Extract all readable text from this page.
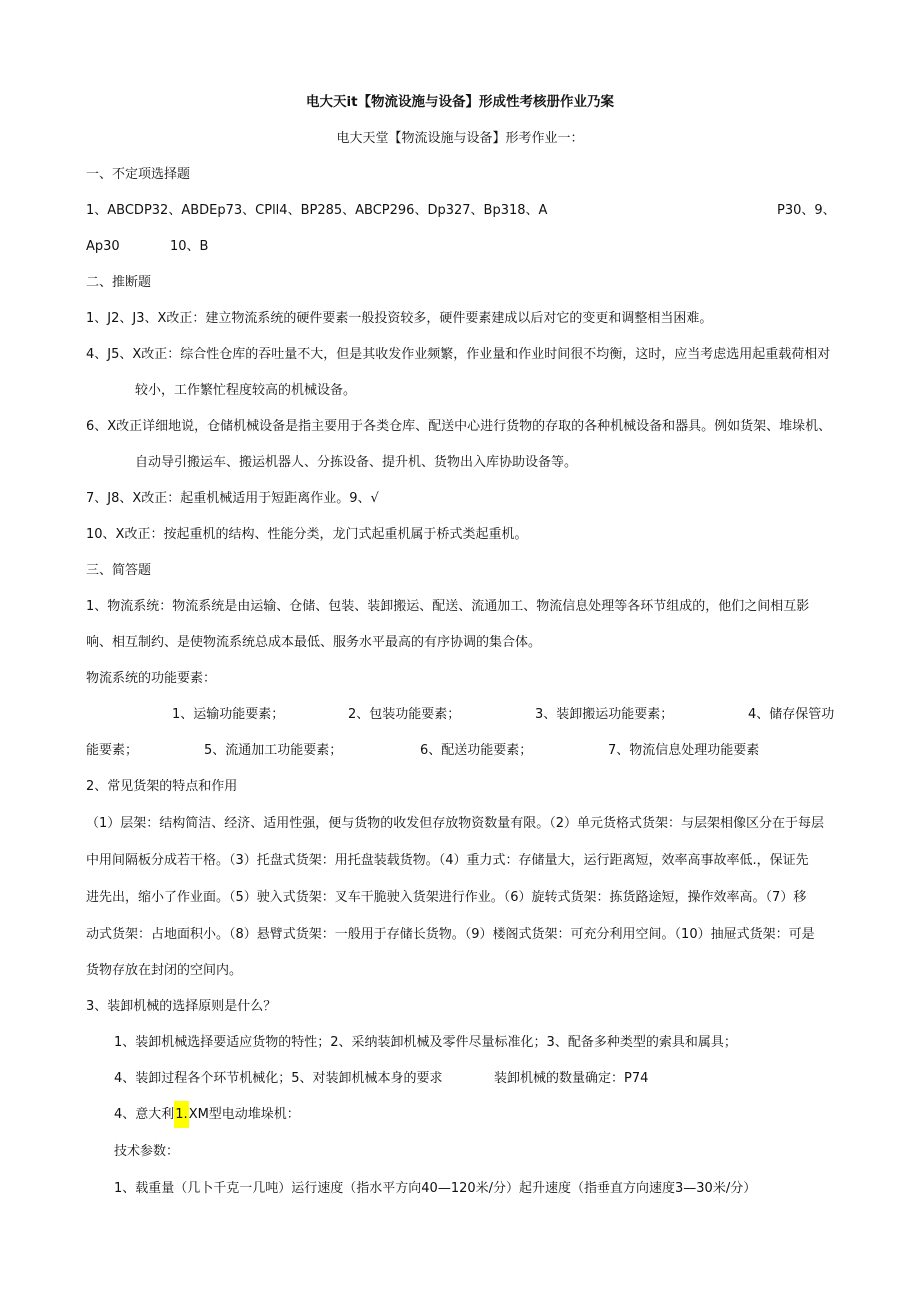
电大天it【物流设施与设备】形成性考核册作业乃案
电大天堂【物流设施与设备】形考作业一：
一、不定项选择题
1、ABCDP32、ABDEp73、CPll4、BP285、ABCP296、Dp327、Bp318、A	P30、9、
Ap30	10、B
二、推断题
1、J2、J3、X改正：建立物流系统的硬件要素一般投资较多，硬件要素建成以后对它的变更和调整相当困难。
4、J5、X改正：综合性仓库的吞吐量不大，但是其收发作业频繁，作业量和作业时间很不均衡，这时，应当考虑选用起重载荷相对
较小，工作繁忙程度较高的机械设备。
6、X改正详细地说，仓储机械设备是指主要用于各类仓库、配送中心进行货物的存取的各种机械设备和器具。例如货架、堆垛机、
自动导引搬运车、搬运机器人、分拣设备、提升机、货物出入库协助设备等。
7、J8、X改正：起重机械适用于短距离作业。9、√
10、X改正：按起重机的结构、性能分类，龙门式起重机属于桥式类起重机。
三、简答题
1、物流系统：物流系统是由运输、仓储、包装、装卸搬运、配送、流通加工、物流信息处理等各环节组成的，他们之间相互影
响、相互制约、是使物流系统总成本最低、服务水平最高的有序协调的集合体。
物流系统的功能要素：
1、运输功能要素；	2、包装功能要素；	3、装卸搬运功能要素；	4、储存保管功
能要素；	5、流通加工功能要素；	6、配送功能要素；	7、物流信息处理功能要素
2、常见货架的特点和作用
（1）层架：结构简洁、经济、适用性强，便与货物的收发但存放物资数量有限。（2）单元货格式货架：与层架相像区分在于每层
中用间隔板分成若干格。（3）托盘式货架：用托盘装载货物。（4）重力式：存储量大，运行距离短，效率高事故率低.，保证先
进先出，缩小了作业面。（5）驶入式货架：叉车干脆驶入货架进行作业。（6）旋转式货架：拣货路途短，操作效率高。（7）移
动式货架：占地面积小。（8）悬臂式货架：一般用于存储长货物。（9）楼阁式货架：可充分利用空间。（10）抽屉式货架：可是
货物存放在封闭的空间内。
3、装卸机械的选择原则是什么？
1、装卸机械选择要适应货物的特性；2、采纳装卸机械及零件尽量标准化；3、配备多种类型的索具和属具；
4、装卸过程各个环节机械化；5、对装卸机械本身的要求	装卸机械的数量确定：P74
4、意大利1.XM型电动堆垛机：
技术参数：
1、载重量（几卜千克一几吨）运行速度（指水平方向40—120米/分）起升速度（指垂直方向速度3—30米/分）
